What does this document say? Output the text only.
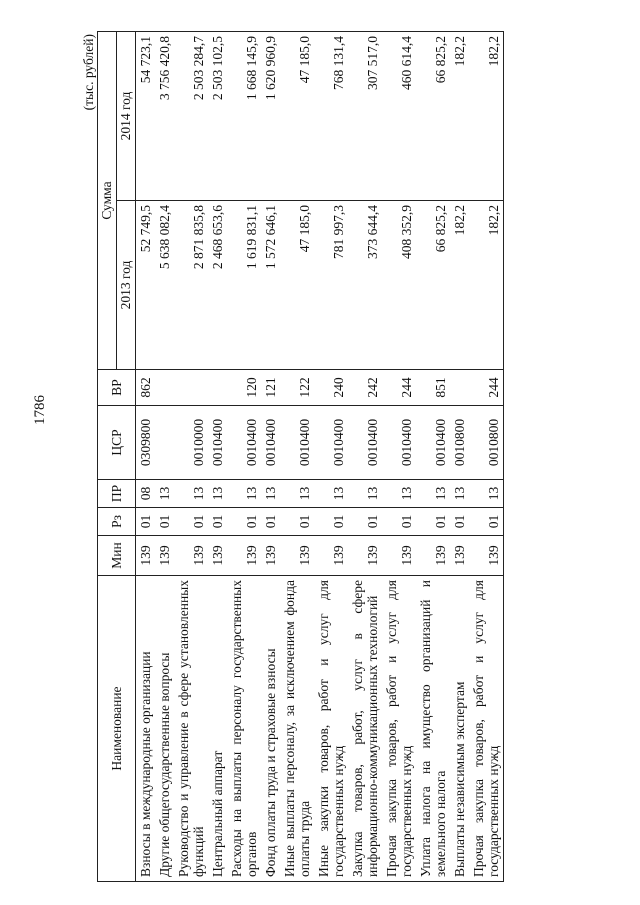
1786
(тыс. рублей)
Наименование	Мин	Рз	ПР	ЦСР	ВР	Сумма	
						2013 год	2014 год
Взносы в международные организации	139	01	08	0309800	862	52 749,5	54 723,1
Другие общегосударственные вопросы	139	01	13			5 638 082,4	3 756 420,8
Руководство и управление в сфере установленных функций	139	01	13	0010000		2 871 835,8	2 503 284,7
Центральный аппарат	139	01	13	0010400		2 468 653,6	2 503 102,5
Расходы на выплаты персоналу государственных органов	139	01	13	0010400	120	1 619 831,1	1 668 145,9
Фонд оплаты труда и страховые взносы	139	01	13	0010400	121	1 572 646,1	1 620 960,9
Иные выплаты персоналу, за исключением фонда оплаты труда	139	01	13	0010400	122	47 185,0	47 185,0
Иные закупки товаров, работ и услуг для государственных нужд	139	01	13	0010400	240	781 997,3	768 131,4
Закупка товаров, работ, услуг в сфере информационно-коммуникационных технологий	139	01	13	0010400	242	373 644,4	307 517,0
Прочая закупка товаров, работ и услуг для государственных нужд	139	01	13	0010400	244	408 352,9	460 614,4
Уплата налога на имущество организаций и земельного налога	139	01	13	0010400	851	66 825,2	66 825,2
Выплаты независимым экспертам	139	01	13	0010800		182,2	182,2
Прочая закупка товаров, работ и услуг для государственных нужд	139	01	13	0010800	244	182,2	182,2
